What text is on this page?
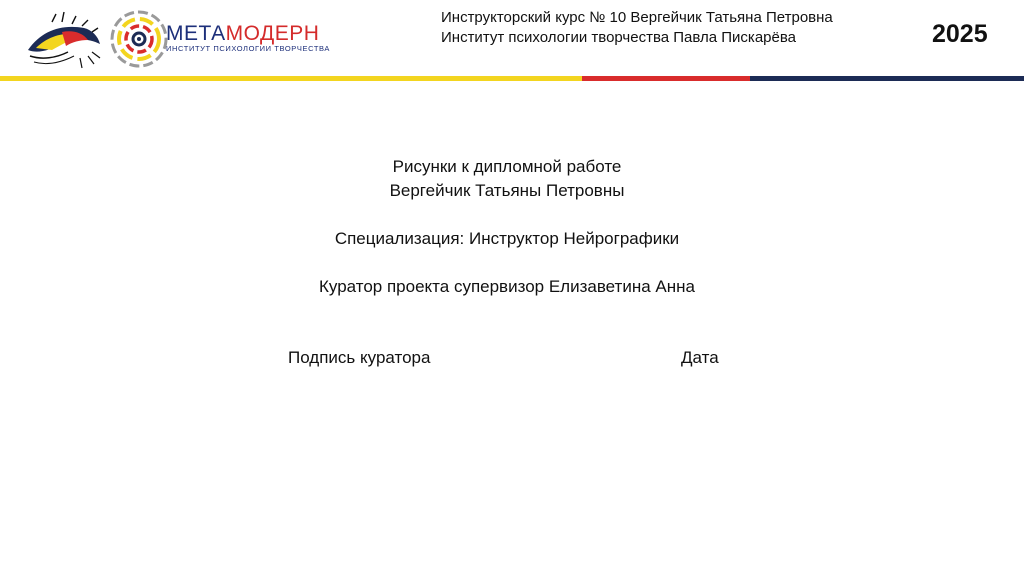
МЕТАМОДЕРН
ИНСТИТУТ ПСИХОЛОГИИ ТВОРЧЕСТВА
Инструкторский курс № 10 Вергейчик Татьяна Петровна
Институт психологии творчества Павла Пискарёва	2025
Рисунки к дипломной работе
Вергейчик Татьяны Петровны
Специализация: Инструктор Нейрографики
Куратор проекта супервизор Елизаветина Анна
Подпись куратора	Дата
